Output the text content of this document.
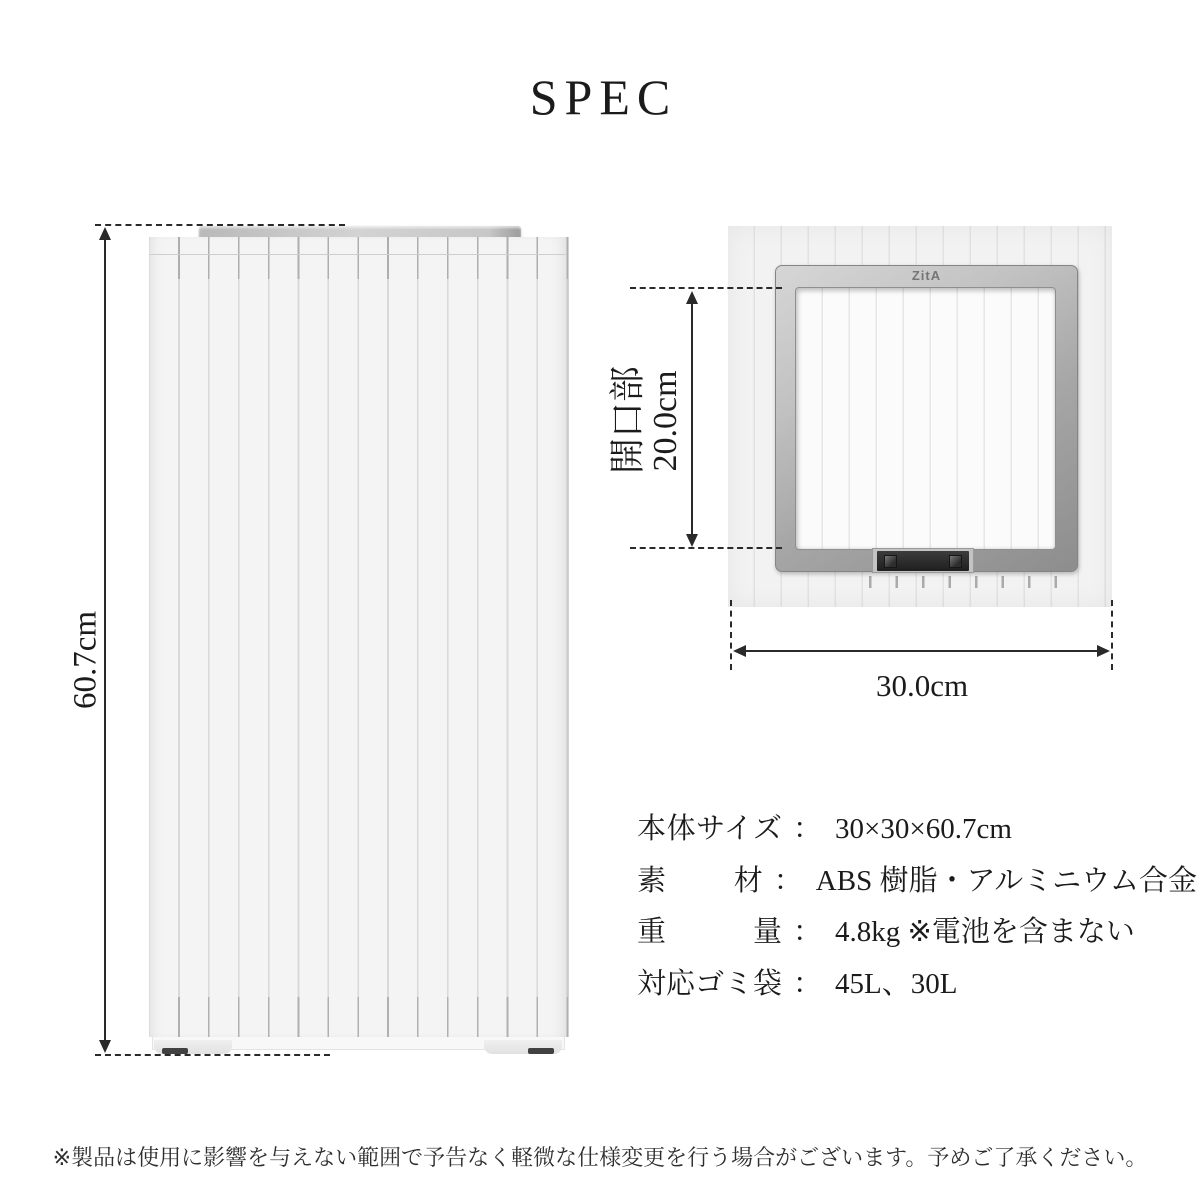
SPEC
60.7cm
ZitA
開口部 20.0cm
30.0cm
本体サイズ ： 30×30×60.7cm
素材 ： ABS 樹脂・アルミニウム合金
重量 ： 4.8kg ※電池を含まない
対応ゴミ袋 ： 45L、30L
※製品は使用に影響を与えない範囲で予告なく軽微な仕様変更を行う場合がございます。予めご了承ください。
